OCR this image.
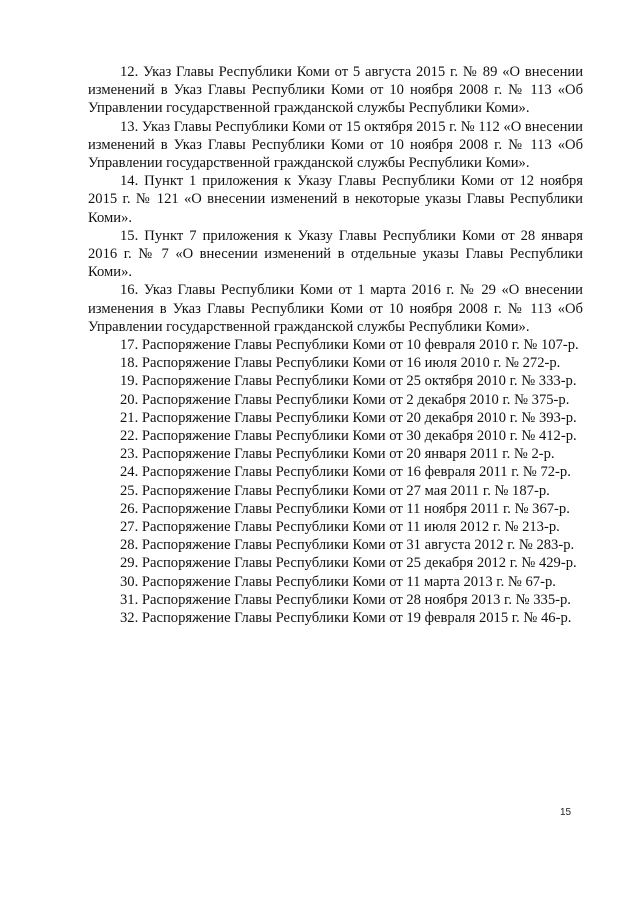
12. Указ Главы Республики Коми от 5 августа 2015 г. № 89 «О внесении изменений в Указ Главы Республики Коми от 10 ноября 2008 г. № 113 «Об Управлении государственной гражданской службы Республики Коми».

13. Указ Главы Республики Коми от 15 октября 2015 г. № 112 «О внесении изменений в Указ Главы Республики Коми от 10 ноября 2008 г. № 113 «Об Управлении государственной гражданской службы Республики Коми».

14. Пункт 1 приложения к Указу Главы Республики Коми от 12 ноября 2015 г. № 121 «О внесении изменений в некоторые указы Главы Республики Коми».

15. Пункт 7 приложения к Указу Главы Республики Коми от 28 января 2016 г. № 7 «О внесении изменений в отдельные указы Главы Республики Коми».

16. Указ Главы Республики Коми от 1 марта 2016 г. № 29 «О внесении изменения в Указ Главы Республики Коми от 10 ноября 2008 г. № 113 «Об Управлении государственной гражданской службы Республики Коми».

17. Распоряжение Главы Республики Коми от 10 февраля 2010 г. № 107-р.

18. Распоряжение Главы Республики Коми от 16 июля 2010 г. № 272-р.

19. Распоряжение Главы Республики Коми от 25 октября 2010 г. № 333-р.

20. Распоряжение Главы Республики Коми от 2 декабря 2010 г. № 375-р.

21. Распоряжение Главы Республики Коми от 20 декабря 2010 г. № 393-р.

22. Распоряжение Главы Республики Коми от 30 декабря 2010 г. № 412-р.

23. Распоряжение Главы Республики Коми от 20 января 2011 г. № 2-р.

24. Распоряжение Главы Республики Коми от 16 февраля 2011 г. № 72-р.

25. Распоряжение Главы Республики Коми от 27 мая 2011 г. № 187-р.

26. Распоряжение Главы Республики Коми от 11 ноября 2011 г. № 367-р.

27. Распоряжение Главы Республики Коми от 11 июля 2012 г. № 213-р.

28. Распоряжение Главы Республики Коми от 31 августа 2012 г. № 283-р.

29. Распоряжение Главы Республики Коми от 25 декабря 2012 г. № 429-р.

30. Распоряжение Главы Республики Коми от 11 марта 2013 г. № 67-р.

31. Распоряжение Главы Республики Коми от 28 ноября 2013 г. № 335-р.

32. Распоряжение Главы Республики Коми от 19 февраля 2015 г. № 46-р.

15
